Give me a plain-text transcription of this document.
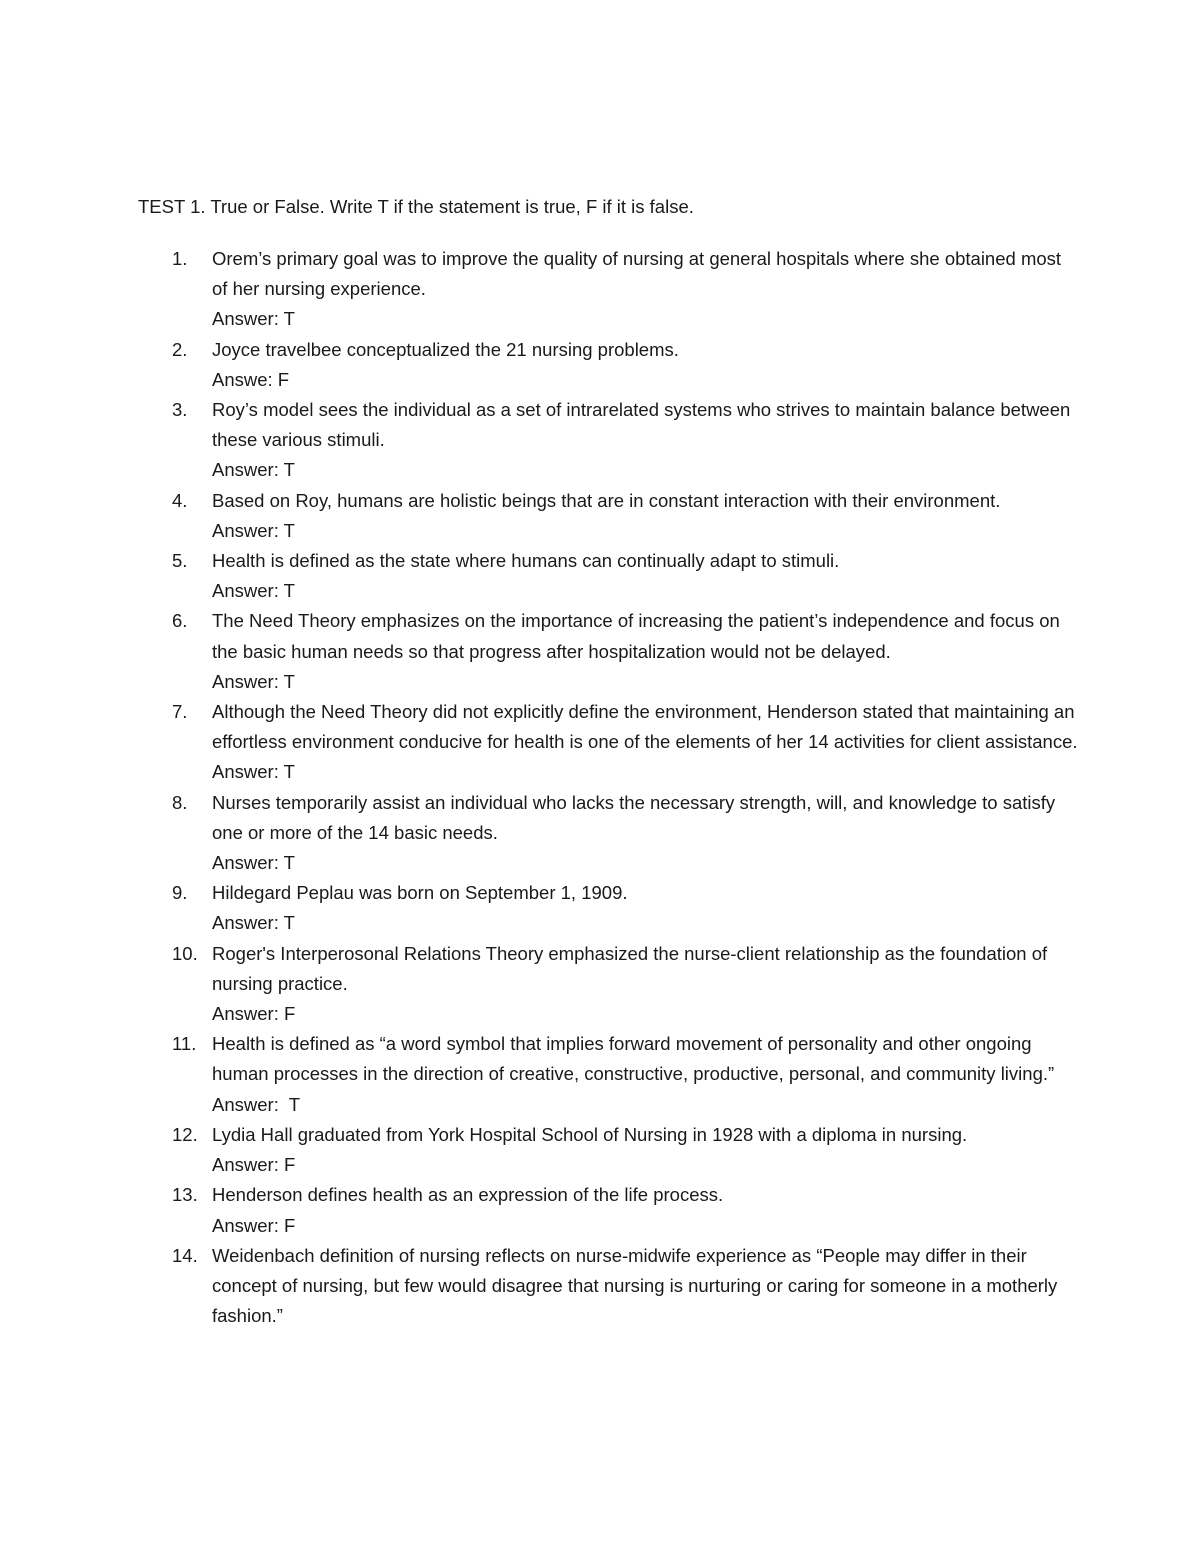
TEST 1. True or False. Write T if the statement is true, F if it is false.
1. Orem’s primary goal was to improve the quality of nursing at general hospitals where she obtained most of her nursing experience.
Answer: T
2. Joyce travelbee conceptualized the 21 nursing problems.
Answe: F
3. Roy’s model sees the individual as a set of intrarelated systems who strives to maintain balance between these various stimuli.
Answer: T
4. Based on Roy, humans are holistic beings that are in constant interaction with their environment.
Answer: T
5. Health is defined as the state where humans can continually adapt to stimuli.
Answer: T
6. The Need Theory emphasizes on the importance of increasing the patient’s independence and focus on the basic human needs so that progress after hospitalization would not be delayed.
Answer: T
7. Although the Need Theory did not explicitly define the environment, Henderson stated that maintaining an effortless environment conducive for health is one of the elements of her 14 activities for client assistance.
Answer: T
8. Nurses temporarily assist an individual who lacks the necessary strength, will, and knowledge to satisfy one or more of the 14 basic needs.
Answer: T
9. Hildegard Peplau was born on September 1, 1909.
Answer: T
10. Roger's Interperosonal Relations Theory emphasized the nurse-client relationship as the foundation of nursing practice.
Answer: F
11. Health is defined as “a word symbol that implies forward movement of personality and other ongoing human processes in the direction of creative, constructive, productive, personal, and community living.”
Answer:  T
12. Lydia Hall graduated from York Hospital School of Nursing in 1928 with a diploma in nursing.
Answer: F
13. Henderson defines health as an expression of the life process.
Answer: F
14. Weidenbach definition of nursing reflects on nurse-midwife experience as “People may differ in their concept of nursing, but few would disagree that nursing is nurturing or caring for someone in a motherly fashion.”
